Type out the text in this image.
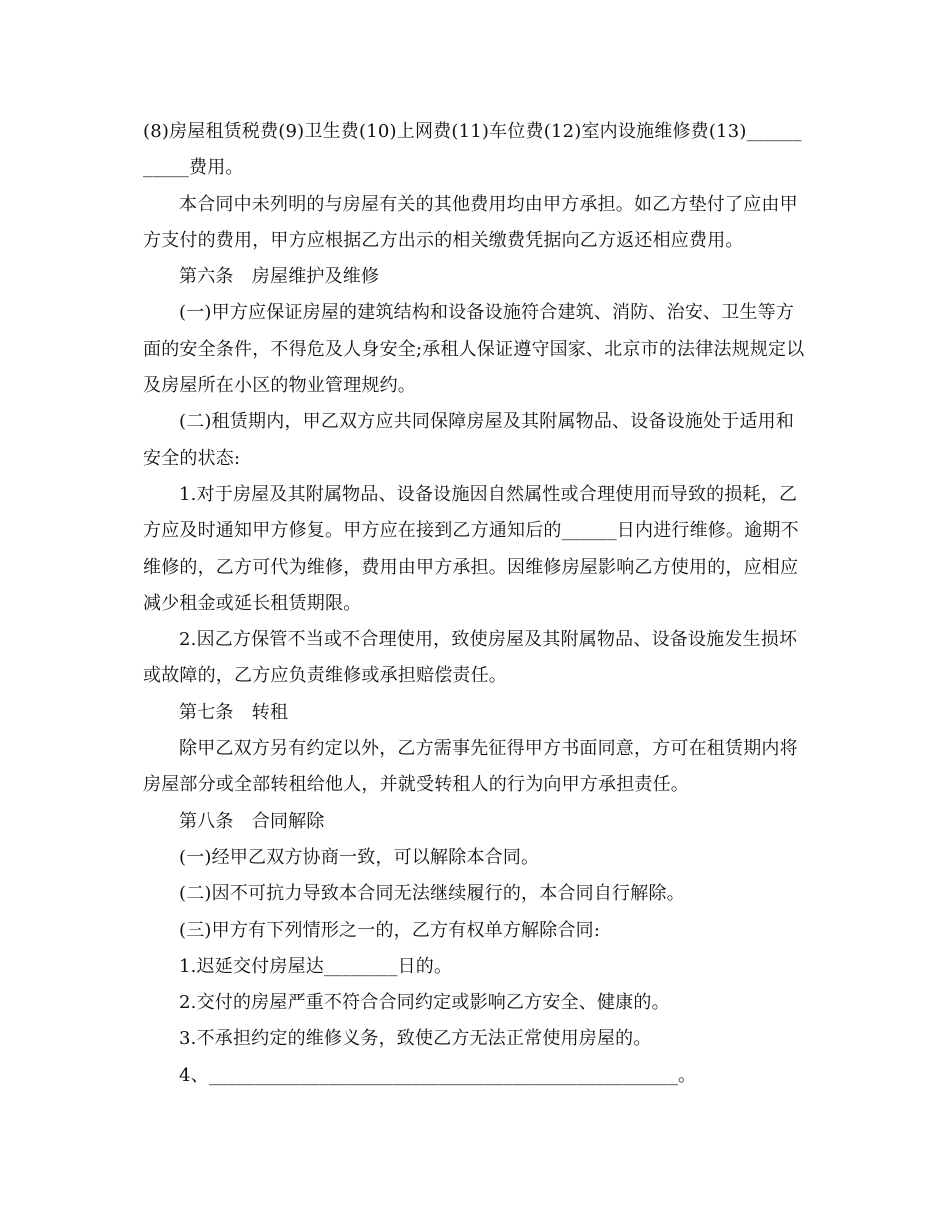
(8)房屋租赁税费(9)卫生费(10)上网费(11)车位费(12)室内设施维修费(13)___________费用。

本合同中未列明的与房屋有关的其他费用均由甲方承担。如乙方垫付了应由甲方支付的费用，甲方应根据乙方出示的相关缴费凭据向乙方返还相应费用。

第六条　房屋维护及维修

(一)甲方应保证房屋的建筑结构和设备设施符合建筑、消防、治安、卫生等方面的安全条件，不得危及人身安全;承租人保证遵守国家、北京市的法律法规规定以及房屋所在小区的物业管理规约。

(二)租赁期内，甲乙双方应共同保障房屋及其附属物品、设备设施处于适用和安全的状态:

1.对于房屋及其附属物品、设备设施因自然属性或合理使用而导致的损耗，乙方应及时通知甲方修复。甲方应在接到乙方通知后的______日内进行维修。逾期不维修的，乙方可代为维修，费用由甲方承担。因维修房屋影响乙方使用的，应相应减少租金或延长租赁期限。

2.因乙方保管不当或不合理使用，致使房屋及其附属物品、设备设施发生损坏或故障的，乙方应负责维修或承担赔偿责任。

第七条　转租

除甲乙双方另有约定以外，乙方需事先征得甲方书面同意，方可在租赁期内将房屋部分或全部转租给他人，并就受转租人的行为向甲方承担责任。

第八条　合同解除

(一)经甲乙双方协商一致，可以解除本合同。

(二)因不可抗力导致本合同无法继续履行的，本合同自行解除。

(三)甲方有下列情形之一的，乙方有权单方解除合同:

1.迟延交付房屋达________日的。

2.交付的房屋严重不符合合同约定或影响乙方安全、健康的。

3.不承担约定的维修义务，致使乙方无法正常使用房屋的。

4、___________________________________________________。
